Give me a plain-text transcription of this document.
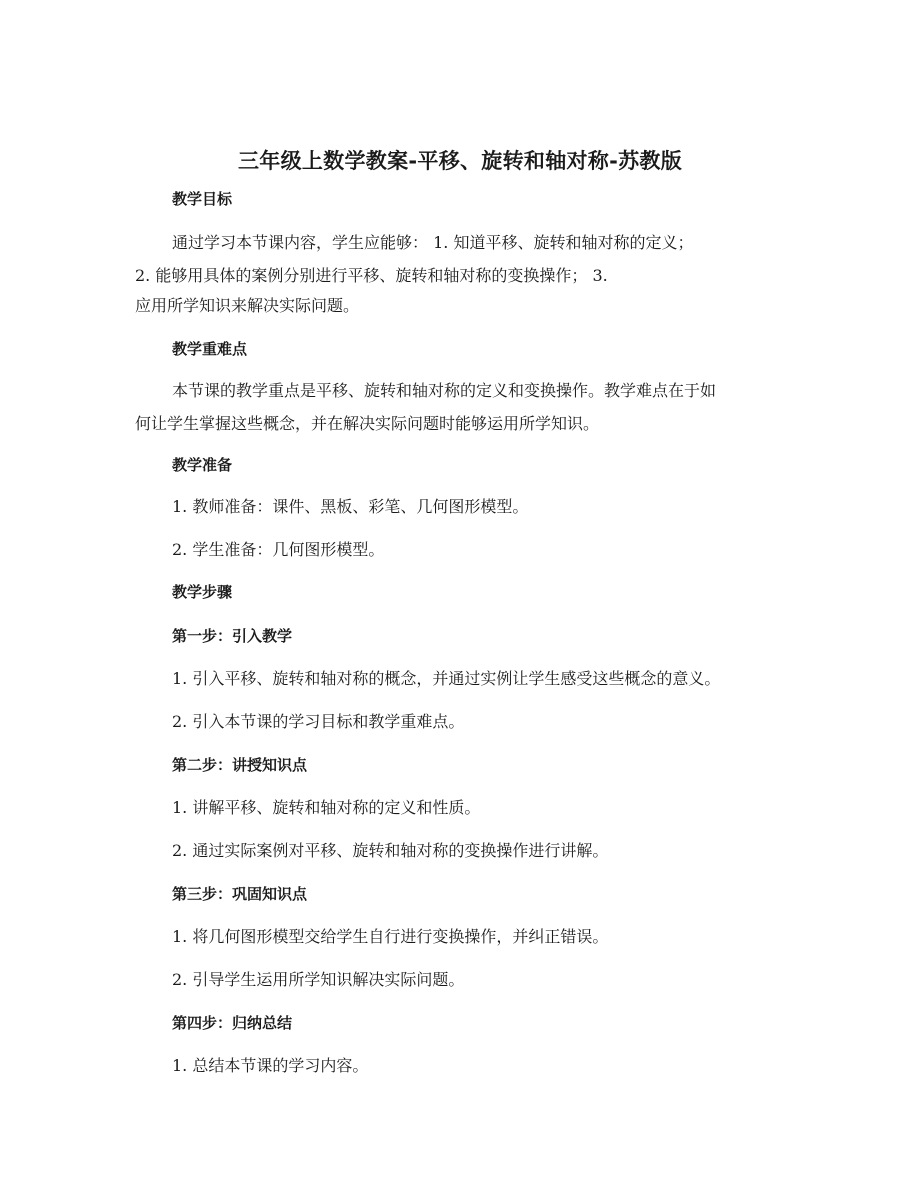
三年级上数学教案-平移、旋转和轴对称-苏教版
教学目标
通过学习本节课内容，学生应能够： 1. 知道平移、旋转和轴对称的定义；
2. 能够用具体的案例分别进行平移、旋转和轴对称的变换操作； 3.
应用所学知识来解决实际问题。
教学重难点
本节课的教学重点是平移、旋转和轴对称的定义和变换操作。教学难点在于如
何让学生掌握这些概念，并在解决实际问题时能够运用所学知识。
教学准备
1. 教师准备：课件、黑板、彩笔、几何图形模型。
2. 学生准备：几何图形模型。
教学步骤
第一步：引入教学
1. 引入平移、旋转和轴对称的概念，并通过实例让学生感受这些概念的意义。
2. 引入本节课的学习目标和教学重难点。
第二步：讲授知识点
1. 讲解平移、旋转和轴对称的定义和性质。
2. 通过实际案例对平移、旋转和轴对称的变换操作进行讲解。
第三步：巩固知识点
1. 将几何图形模型交给学生自行进行变换操作，并纠正错误。
2. 引导学生运用所学知识解决实际问题。
第四步：归纳总结
1. 总结本节课的学习内容。
